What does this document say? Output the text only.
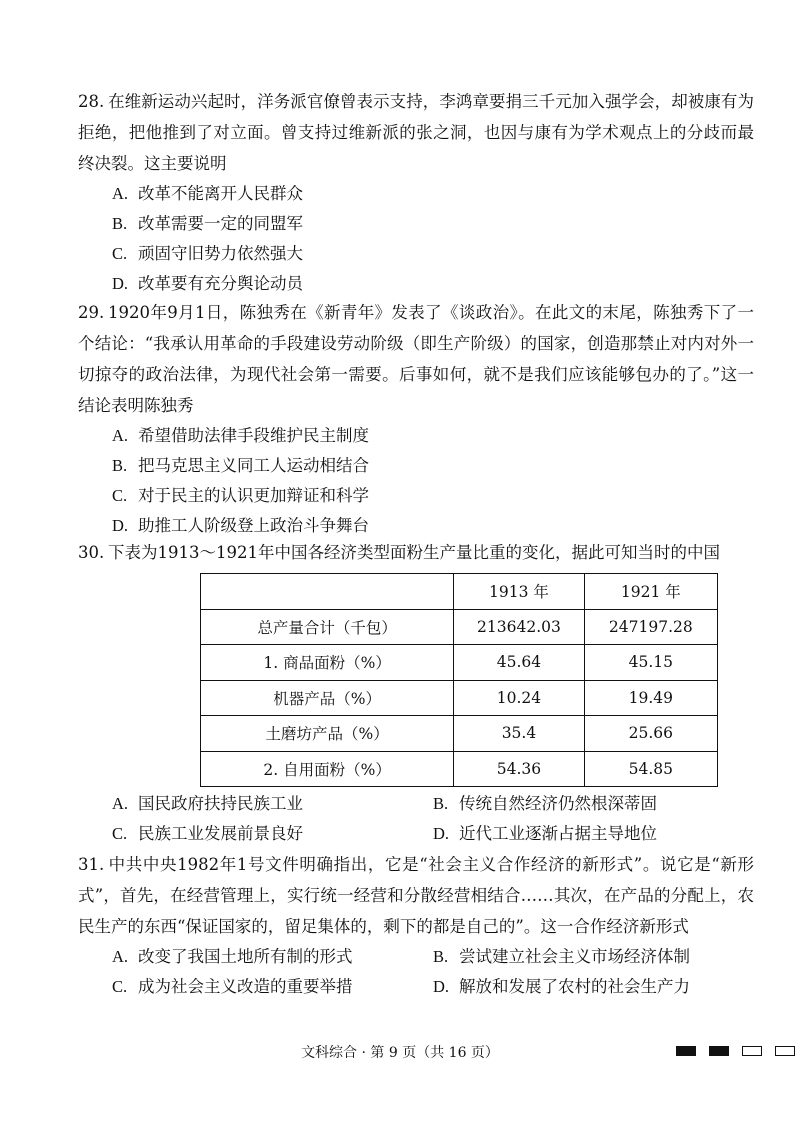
28. 在维新运动兴起时，洋务派官僚曾表示支持，李鸿章要捐三千元加入强学会，却被康有为拒绝，把他推到了对立面。曾支持过维新派的张之洞，也因与康有为学术观点上的分歧而最终决裂。这主要说明

A. 改革不能离开人民群众
B. 改革需要一定的同盟军
C. 顽固守旧势力依然强大
D. 改革要有充分舆论动员

29. 1920年9月1日，陈独秀在《新青年》发表了《谈政治》。在此文的末尾，陈独秀下了一个结论：“我承认用革命的手段建设劳动阶级（即生产阶级）的国家，创造那禁止对内对外一切掠夺的政治法律，为现代社会第一需要。后事如何，就不是我们应该能够包办的了。”这一结论表明陈独秀

A. 希望借助法律手段维护民主制度
B. 把马克思主义同工人运动相结合
C. 对于民主的认识更加辩证和科学
D. 助推工人阶级登上政治斗争舞台

30. 下表为1913～1921年中国各经济类型面粉生产量比重的变化，据此可知当时的中国

	1913 年	1921 年
总产量合计（千包）	213642.03	247197.28
1. 商品面粉（%）	45.64	45.15
机器产品（%）	10.24	19.49
土磨坊产品（%）	35.4	25.66
2. 自用面粉（%）	54.36	54.85
A. 国民政府扶持民族工业	B. 传统自然经济仍然根深蒂固
C. 民族工业发展前景良好	D. 近代工业逐渐占据主导地位

31. 中共中央1982年1号文件明确指出，它是“社会主义合作经济的新形式”。说它是“新形式”，首先，在经营管理上，实行统一经营和分散经营相结合……其次，在产品的分配上，农民生产的东西“保证国家的，留足集体的，剩下的都是自己的”。这一合作经济新形式

A. 改变了我国土地所有制的形式	B. 尝试建立社会主义市场经济体制
C. 成为社会主义改造的重要举措	D. 解放和发展了农村的社会生产力
文科综合 · 第 9 页（共 16 页）
